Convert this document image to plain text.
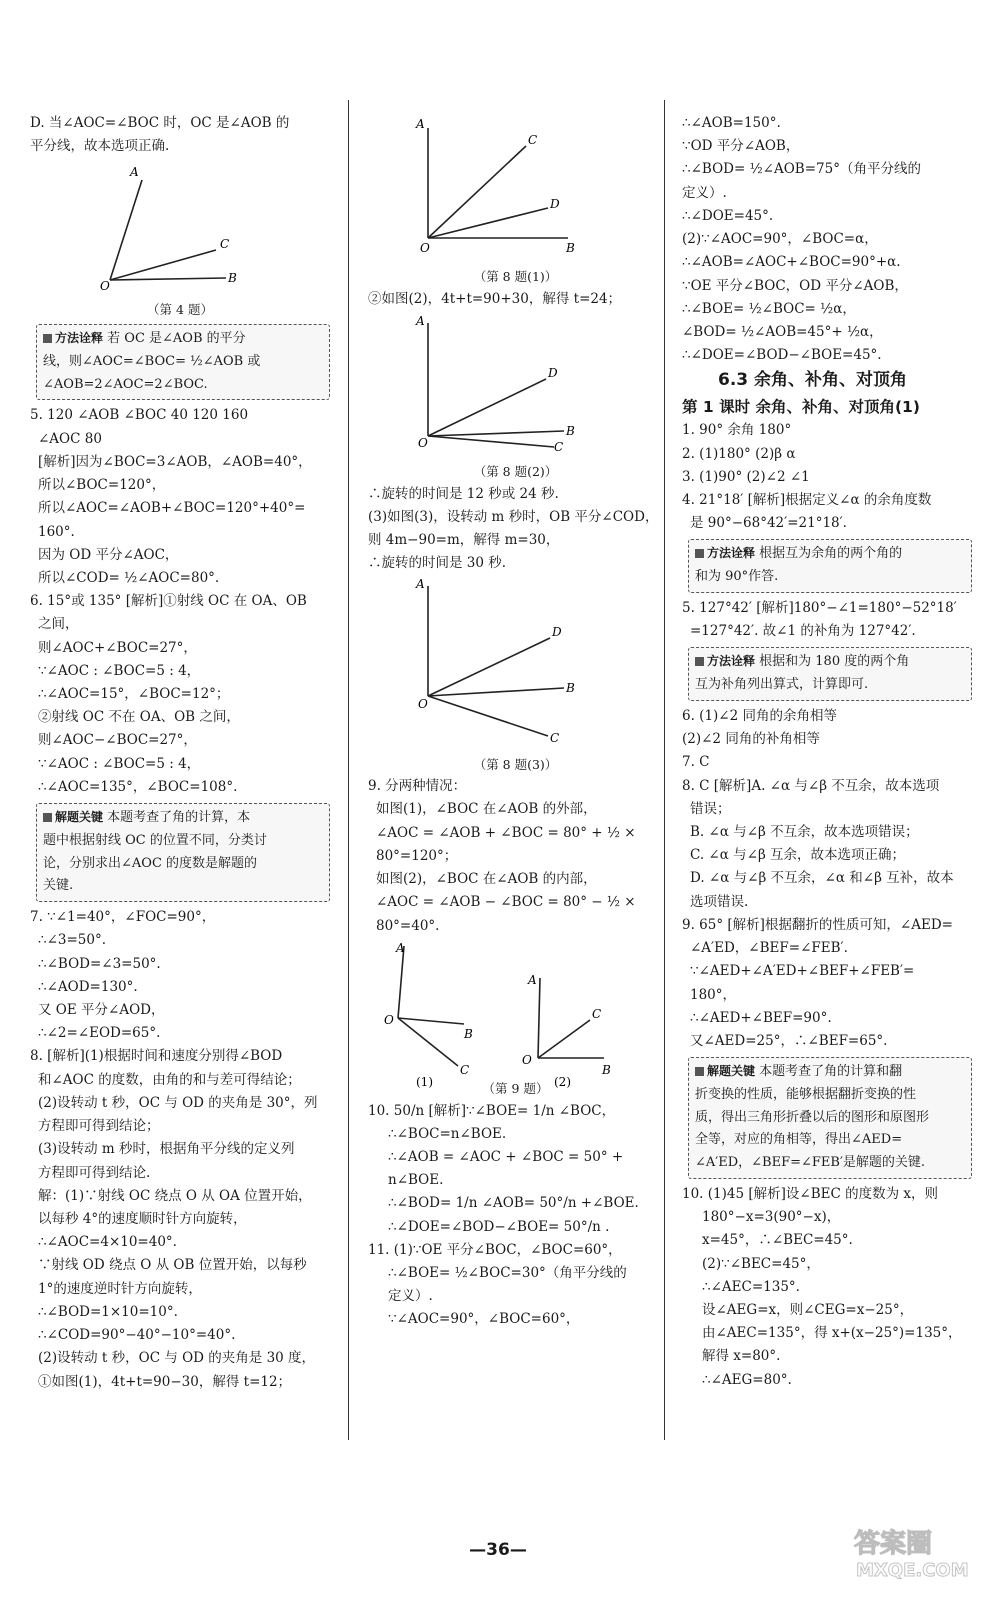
D. 当∠AOC=∠BOC 时，OC 是∠AOB 的
平分线，故本选项正确.
A
C
O
B
（第 4 题）
方法诠释 若 OC 是∠AOB 的平分
线，则∠AOC=∠BOC= ½∠AOB 或
∠AOB=2∠AOC=2∠BOC.
5. 120 ∠AOB ∠BOC 40 120 160
∠AOC 80
[解析]因为∠BOC=3∠AOB，∠AOB=40°，
所以∠BOC=120°，
所以∠AOC=∠AOB+∠BOC=120°+40°=
160°.
因为 OD 平分∠AOC，
所以∠COD= ½∠AOC=80°.
6. 15°或 135° [解析]①射线 OC 在 OA、OB
之间，
则∠AOC+∠BOC=27°，
∵∠AOC : ∠BOC=5 : 4，
∴∠AOC=15°，∠BOC=12°；
②射线 OC 不在 OA、OB 之间，
则∠AOC−∠BOC=27°，
∵∠AOC : ∠BOC=5 : 4，
∴∠AOC=135°，∠BOC=108°.
解题关键 本题考查了角的计算，本
题中根据射线 OC 的位置不同，分类讨
论，分别求出∠AOC 的度数是解题的
关键.
7. ∵∠1=40°，∠FOC=90°，
∴∠3=50°.
∴∠BOD=∠3=50°.
∴∠AOD=130°.
又 OE 平分∠AOD，
∴∠2=∠EOD=65°.
8. [解析](1)根据时间和速度分别得∠BOD
和∠AOC 的度数，由角的和与差可得结论；
(2)设转动 t 秒，OC 与 OD 的夹角是 30°，列
方程即可得到结论；
(3)设转动 m 秒时，根据角平分线的定义列
方程即可得到结论.
解：(1)∵射线 OC 绕点 O 从 OA 位置开始，
以每秒 4°的速度顺时针方向旋转，
∴∠AOC=4×10=40°.
∵射线 OD 绕点 O 从 OB 位置开始，以每秒
1°的速度逆时针方向旋转，
∴∠BOD=1×10=10°.
∴∠COD=90°−40°−10°=40°.
(2)设转动 t 秒，OC 与 OD 的夹角是 30 度，
①如图(1)，4t+t=90−30，解得 t=12；
A
C
D
O	B
（第 8 题(1)）
②如图(2)，4t+t=90+30，解得 t=24；
A
D
B
O	C
（第 8 题(2)）
∴旋转的时间是 12 秒或 24 秒.
(3)如图(3)，设转动 m 秒时，OB 平分∠COD，
则 4m−90=m，解得 m=30，
∴旋转的时间是 30 秒.
A
D
B
O
C
（第 8 题(3)）
9. 分两种情况：
如图(1)，∠BOC 在∠AOB 的外部，
∠AOC = ∠AOB + ∠BOC = 80° + ½ ×
80°=120°；
如图(2)，∠BOC 在∠AOB 的内部，
∠AOC = ∠AOB − ∠BOC = 80° − ½ ×
80°=40°.
A
O
B
C
A
C
O
B
(1)	(2)
（第 9 题）
10. 50/n [解析]∵∠BOE= 1/n ∠BOC，
∴∠BOC=n∠BOE.
∴∠AOB = ∠AOC + ∠BOC = 50° +
n∠BOE.
∴∠BOD= 1/n ∠AOB= 50°/n +∠BOE.
∴∠DOE=∠BOD−∠BOE= 50°/n .
11. (1)∵OE 平分∠BOC，∠BOC=60°，
∴∠BOE= ½∠BOC=30°（角平分线的
定义）.
∵∠AOC=90°，∠BOC=60°，
∴∠AOB=150°.
∵OD 平分∠AOB，
∴∠BOD= ½∠AOB=75°（角平分线的
定义）.
∴∠DOE=45°.
(2)∵∠AOC=90°，∠BOC=α，
∴∠AOB=∠AOC+∠BOC=90°+α.
∵OE 平分∠BOC，OD 平分∠AOB，
∴∠BOE= ½∠BOC= ½α，
∠BOD= ½∠AOB=45°+ ½α，
∴∠DOE=∠BOD−∠BOE=45°.
6.3 余角、补角、对顶角
第 1 课时 余角、补角、对顶角(1)
1. 90° 余角 180°
2. (1)180° (2)β α
3. (1)90° (2)∠2 ∠1
4. 21°18′ [解析]根据定义∠α 的余角度数
是 90°−68°42′=21°18′.
方法诠释 根据互为余角的两个角的
和为 90°作答.
5. 127°42′ [解析]180°−∠1=180°−52°18′
=127°42′. 故∠1 的补角为 127°42′.
方法诠释 根据和为 180 度的两个角
互为补角列出算式，计算即可.
6. (1)∠2 同角的余角相等
(2)∠2 同角的补角相等
7. C
8. C [解析]A. ∠α 与∠β 不互余，故本选项
错误；
B. ∠α 与∠β 不互余，故本选项错误；
C. ∠α 与∠β 互余，故本选项正确；
D. ∠α 与∠β 不互余，∠α 和∠β 互补，故本
选项错误.
9. 65° [解析]根据翻折的性质可知，∠AED=
∠A′ED，∠BEF=∠FEB′.
∵∠AED+∠A′ED+∠BEF+∠FEB′=
180°，
∴∠AED+∠BEF=90°.
又∠AED=25°，∴∠BEF=65°.
解题关键 本题考查了角的计算和翻
折变换的性质，能够根据翻折变换的性
质，得出三角形折叠以后的图形和原图形
全等，对应的角相等，得出∠AED=
∠A′ED，∠BEF=∠FEB′是解题的关键.
10. (1)45 [解析]设∠BEC 的度数为 x，则
180°−x=3(90°−x)，
x=45°，∴∠BEC=45°.
(2)∵∠BEC=45°，
∴∠AEC=135°.
设∠AEG=x，则∠CEG=x−25°，
由∠AEC=135°，得 x+(x−25°)=135°，
解得 x=80°.
∴∠AEG=80°.
—36—	答案圈
MXQE.COM
